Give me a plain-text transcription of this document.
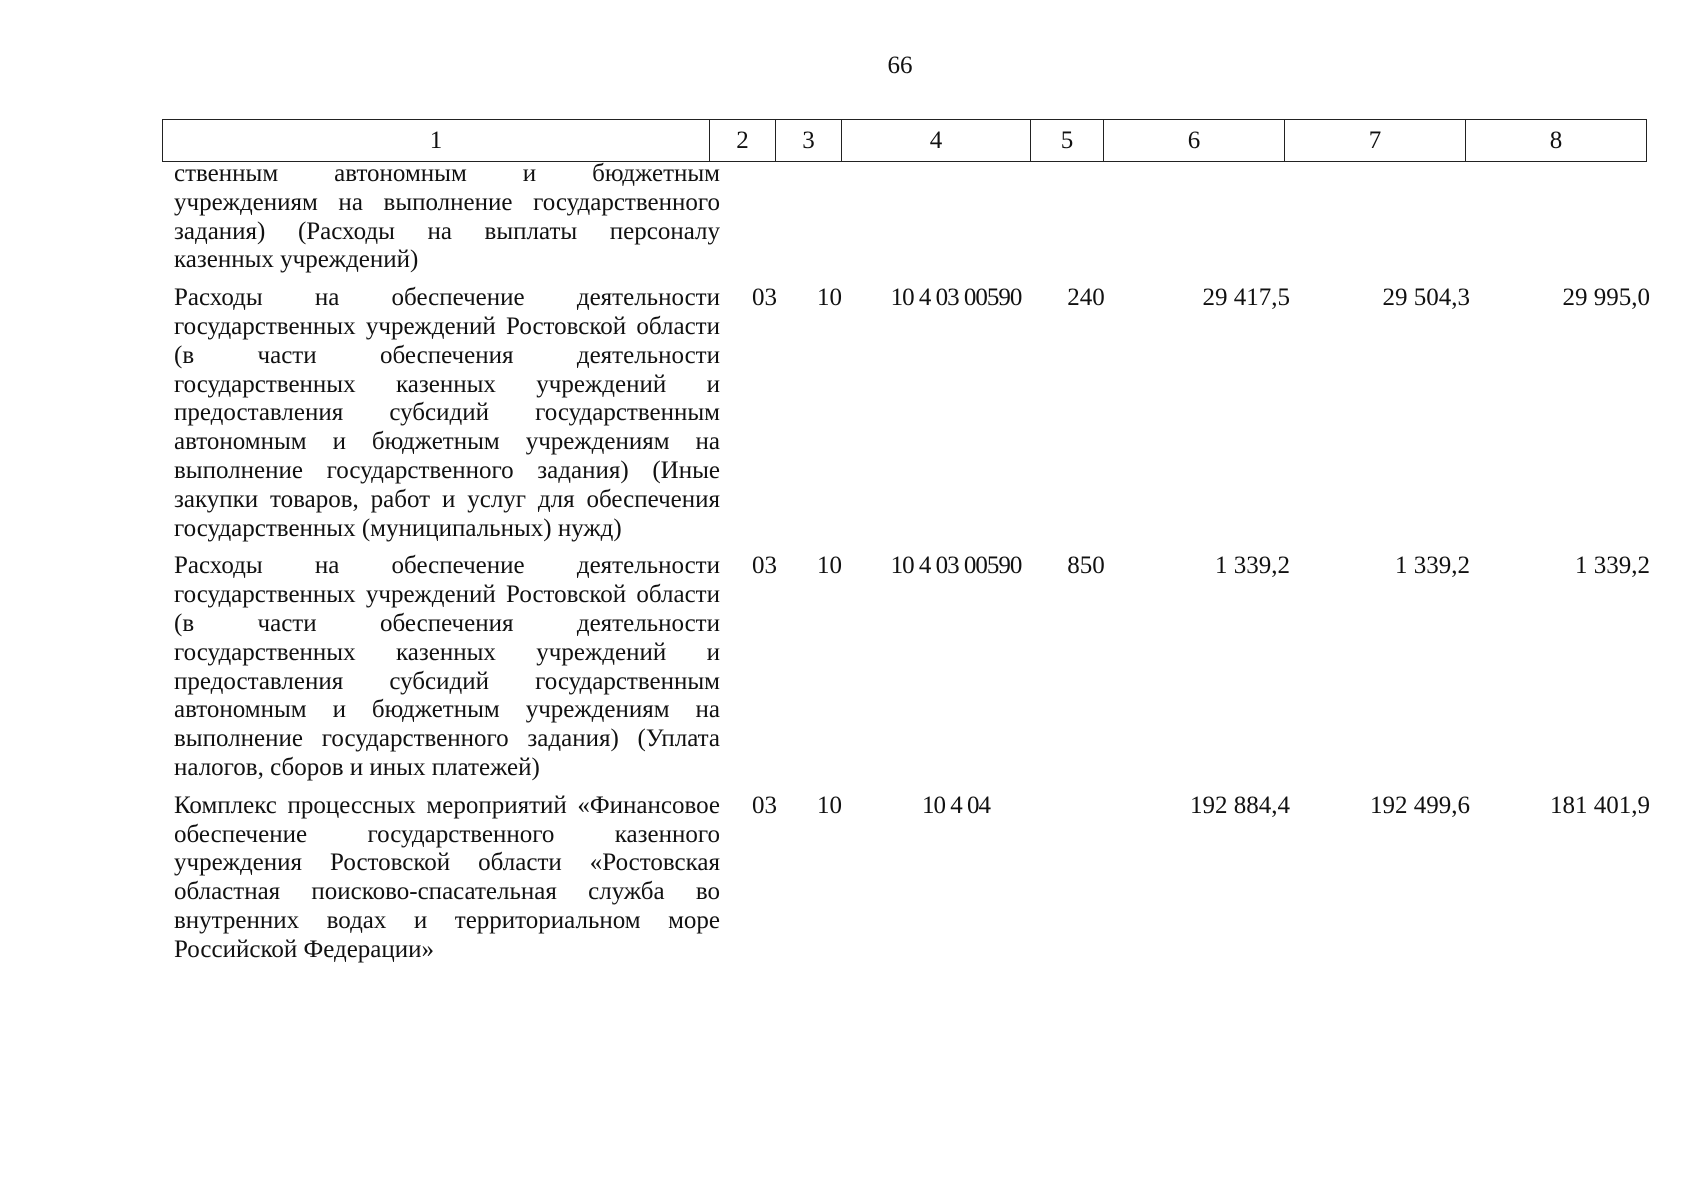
66
1	2	3	4	5	6	7	8
ственным автономным и бюджетным учреждениям на выполнение государственного задания) (Расходы на выплаты персоналу казенных учреждений)							
Расходы на обеспечение деятельности государственных учреждений Ростовской области (в части обеспечения деятельности государственных казенных учреждений и предоставления субсидий государственным автономным и бюджетным учреждениям на выполнение государственного задания) (Иные закупки товаров, работ и услуг для обеспечения государственных (муниципальных) нужд)	03	10	10 4 03 00590	240	29 417,5	29 504,3	29 995,0
Расходы на обеспечение деятельности государственных учреждений Ростовской области (в части обеспечения деятельности государственных казенных учреждений и предоставления субсидий государственным автономным и бюджетным учреждениям на выполнение государственного задания) (Уплата налогов, сборов и иных платежей)	03	10	10 4 03 00590	850	1 339,2	1 339,2	1 339,2
Комплекс процессных мероприятий «Финансовое обеспечение государственного казенного учреждения Ростовской области «Ростовская областная поисково-спасательная служба во внутренних водах и территориальном море Российской Федерации»	03	10	10 4 04		192 884,4	192 499,6	181 401,9
